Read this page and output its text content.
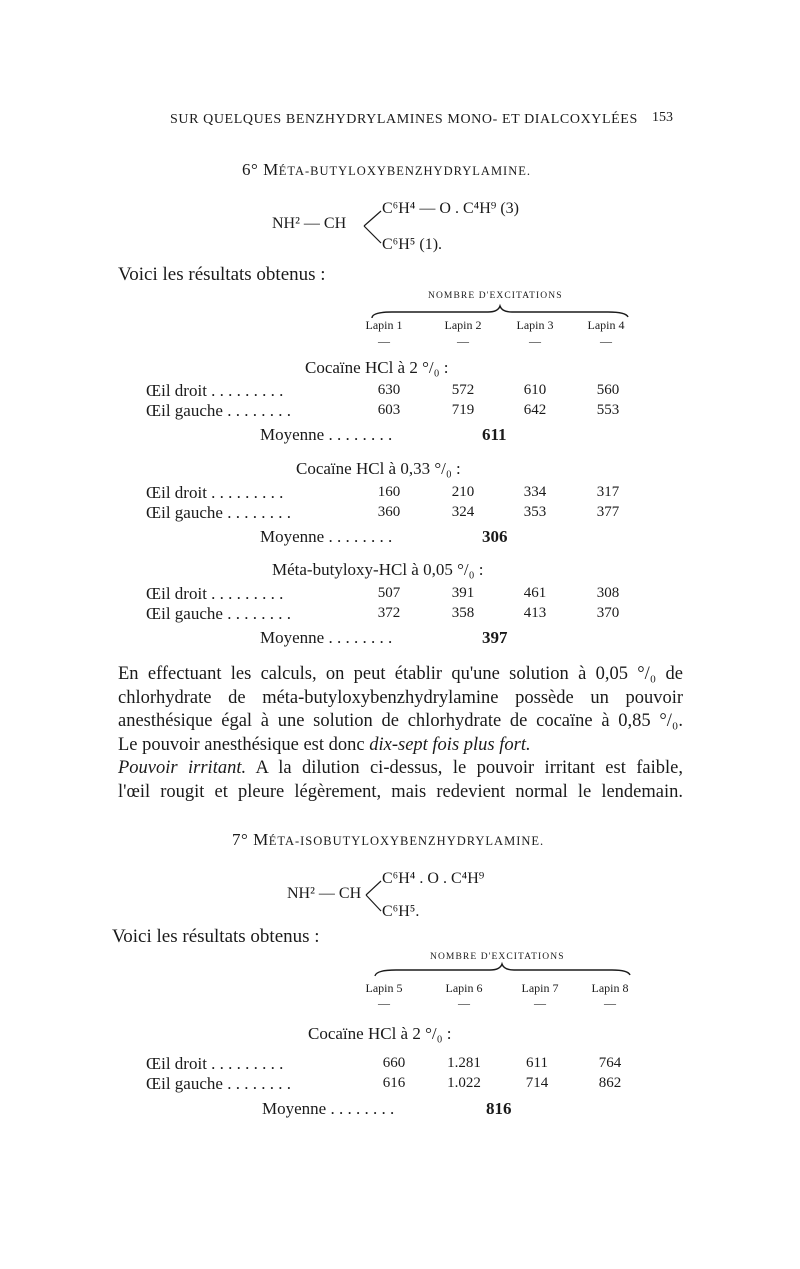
SUR QUELQUES BENZHYDRYLAMINES MONO- ET DIALCOXYLÉES 153
6° MÉTA-BUTYLOXYBENZHYDRYLAMINE.
NH² — CH
C⁶H⁴ — O . C⁴H⁹ (3)
C⁶H⁵ (1).
Voici les résultats obtenus :
NOMBRE D'EXCITATIONS
Lapin 1	Lapin 2	Lapin 3	Lapin 4
—	—	—	—
Cocaïne HCl à 2 °/₀ :
Œil droit . . . . . . . . .	630	572	610	560
Œil gauche . . . . . . . .	603	719	642	553
Moyenne . . . . . . . .	611
Cocaïne HCl à 0,33 °/₀ :
Œil droit . . . . . . . . .	160	210	334	317
Œil gauche . . . . . . . .	360	324	353	377
Moyenne . . . . . . . .	306
Méta-butyloxy-HCl à 0,05 °/₀ :
Œil droit . . . . . . . . .	507	391	461	308
Œil gauche . . . . . . . .	372	358	413	370
Moyenne . . . . . . . .	397
En effectuant les calculs, on peut établir qu'une solution à 0,05 °/₀ de
chlorhydrate de méta-butyloxybenzhydrylamine possède un pouvoir
anesthésique égal à une solution de chlorhydrate de cocaïne à 0,85 °/₀.
Le pouvoir anesthésique est donc dix-sept fois plus fort.
Pouvoir irritant. A la dilution ci-dessus, le pouvoir irritant est faible,
l'œil rougit et pleure légèrement, mais redevient normal le lendemain.
7° MÉTA-ISOBUTYLOXYBENZHYDRYLAMINE.
NH² — CH
C⁶H⁴ . O . C⁴H⁹
C⁶H⁵.
Voici les résultats obtenus :
NOMBRE D'EXCITATIONS
Lapin 5	Lapin 6	Lapin 7	Lapin 8
—	—	—	—
Cocaïne HCl à 2 °/₀ :
Œil droit . . . . . . . . .	660	1.281	611	764
Œil gauche . . . . . . . .	616	1.022	714	862
Moyenne . . . . . . . .	816
